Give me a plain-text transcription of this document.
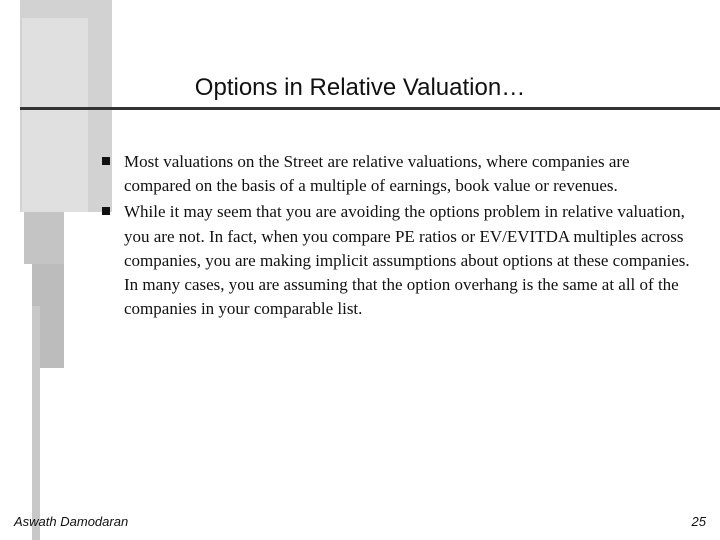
Options in Relative Valuation…
Most valuations on the Street are relative valuations, where companies are compared on the basis of a multiple of earnings, book value or revenues.
While it may seem that you are avoiding the options problem in relative valuation, you are not. In fact, when you compare PE ratios or EV/EVITDA multiples across companies, you are making implicit assumptions about options at these companies. In many cases, you are assuming that the option overhang is the same at all of the companies in your comparable list.
Aswath Damodaran	25
